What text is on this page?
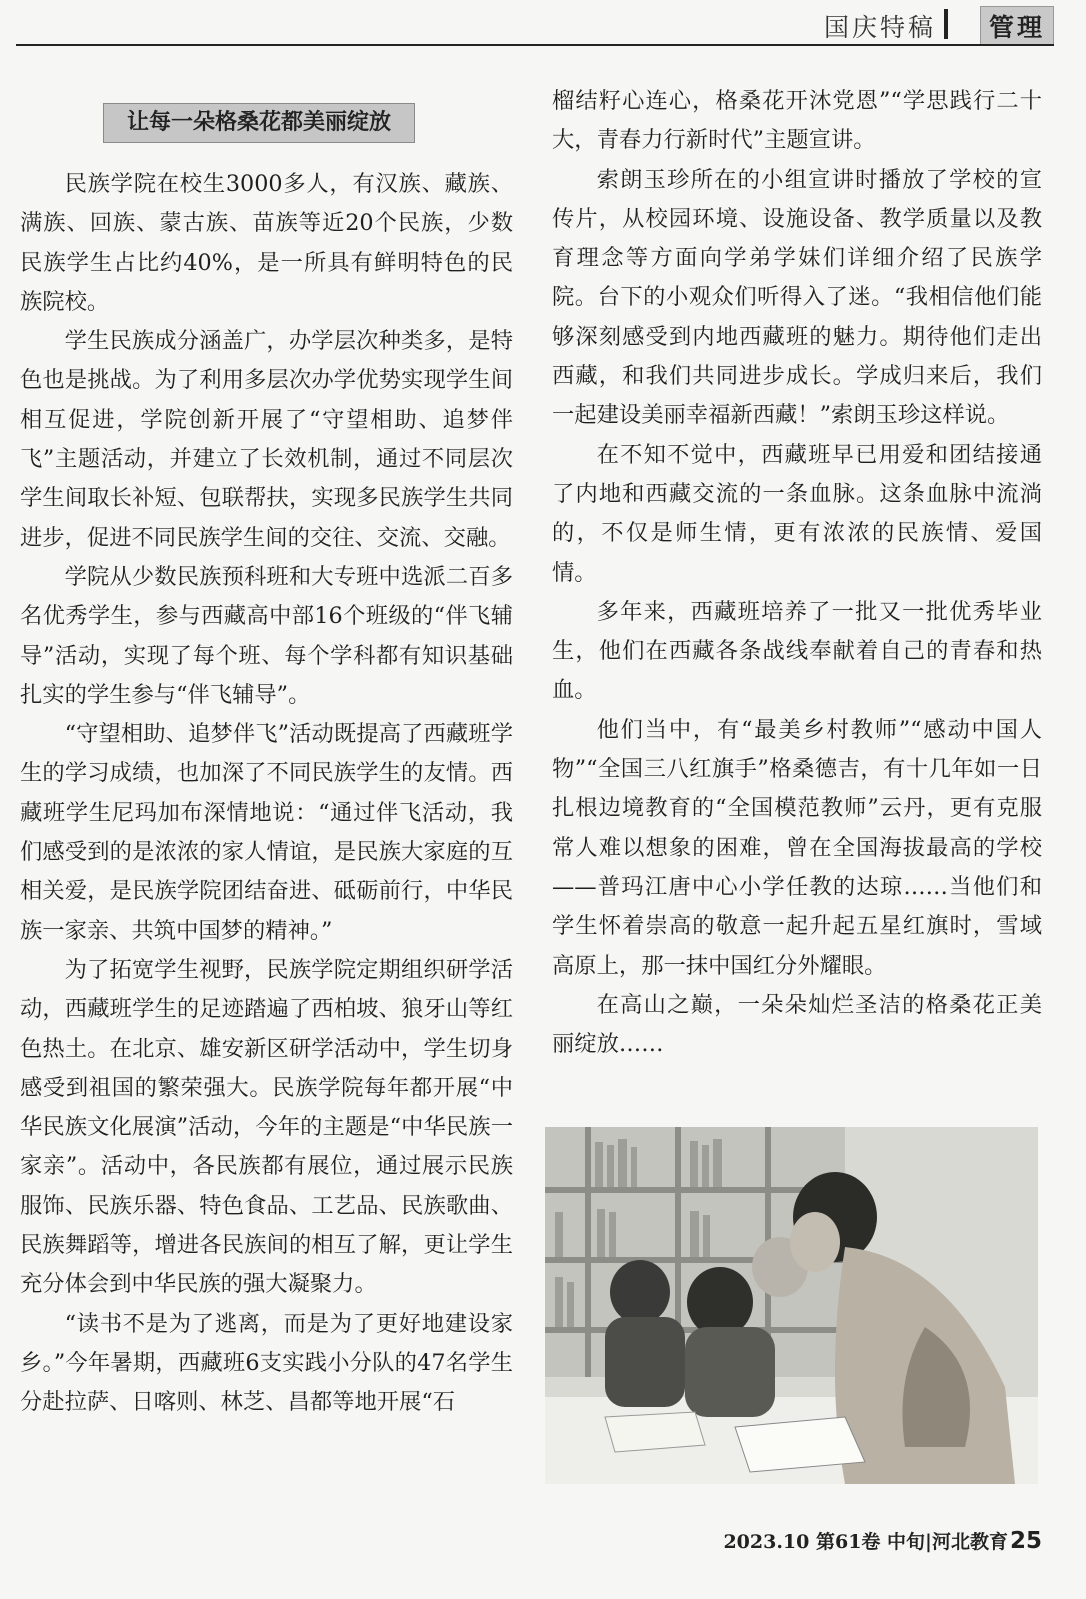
国庆特稿	管理
让每一朵格桑花都美丽绽放

民族学院在校生3000多人，有汉族、藏族、满族、回族、蒙古族、苗族等近20个民族，少数民族学生占比约40%，是一所具有鲜明特色的民族院校。

学生民族成分涵盖广，办学层次种类多，是特色也是挑战。为了利用多层次办学优势实现学生间相互促进，学院创新开展了“守望相助、追梦伴飞”主题活动，并建立了长效机制，通过不同层次学生间取长补短、包联帮扶，实现多民族学生共同进步，促进不同民族学生间的交往、交流、交融。

学院从少数民族预科班和大专班中选派二百多名优秀学生，参与西藏高中部16个班级的“伴飞辅导”活动，实现了每个班、每个学科都有知识基础扎实的学生参与“伴飞辅导”。

“守望相助、追梦伴飞”活动既提高了西藏班学生的学习成绩，也加深了不同民族学生的友情。西藏班学生尼玛加布深情地说：“通过伴飞活动，我们感受到的是浓浓的家人情谊，是民族大家庭的互相关爱，是民族学院团结奋进、砥砺前行，中华民族一家亲、共筑中国梦的精神。”

为了拓宽学生视野，民族学院定期组织研学活动，西藏班学生的足迹踏遍了西柏坡、狼牙山等红色热土。在北京、雄安新区研学活动中，学生切身感受到祖国的繁荣强大。民族学院每年都开展“中华民族文化展演”活动，今年的主题是“中华民族一家亲”。活动中，各民族都有展位，通过展示民族服饰、民族乐器、特色食品、工艺品、民族歌曲、民族舞蹈等，增进各民族间的相互了解，更让学生充分体会到中华民族的强大凝聚力。

“读书不是为了逃离，而是为了更好地建设家乡。”今年暑期，西藏班6支实践小分队的47名学生分赴拉萨、日喀则、林芝、昌都等地开展“石

榴结籽心连心，格桑花开沐党恩”“学思践行二十大，青春力行新时代”主题宣讲。

索朗玉珍所在的小组宣讲时播放了学校的宣传片，从校园环境、设施设备、教学质量以及教育理念等方面向学弟学妹们详细介绍了民族学院。台下的小观众们听得入了迷。“我相信他们能够深刻感受到内地西藏班的魅力。期待他们走出西藏，和我们共同进步成长。学成归来后，我们一起建设美丽幸福新西藏！”索朗玉珍这样说。

在不知不觉中，西藏班早已用爱和团结接通了内地和西藏交流的一条血脉。这条血脉中流淌的，不仅是师生情，更有浓浓的民族情、爱国情。

多年来，西藏班培养了一批又一批优秀毕业生，他们在西藏各条战线奉献着自己的青春和热血。

他们当中，有“最美乡村教师”“感动中国人物”“全国三八红旗手”格桑德吉，有十几年如一日扎根边境教育的“全国模范教师”云丹，更有克服常人难以想象的困难，曾在全国海拔最高的学校——普玛江唐中心小学任教的达琼……当他们和学生怀着崇高的敬意一起升起五星红旗时，雪域高原上，那一抹中国红分外耀眼。

在高山之巅，一朵朵灿烂圣洁的格桑花正美丽绽放……

2023.10 第61卷 中旬|河北教育25
